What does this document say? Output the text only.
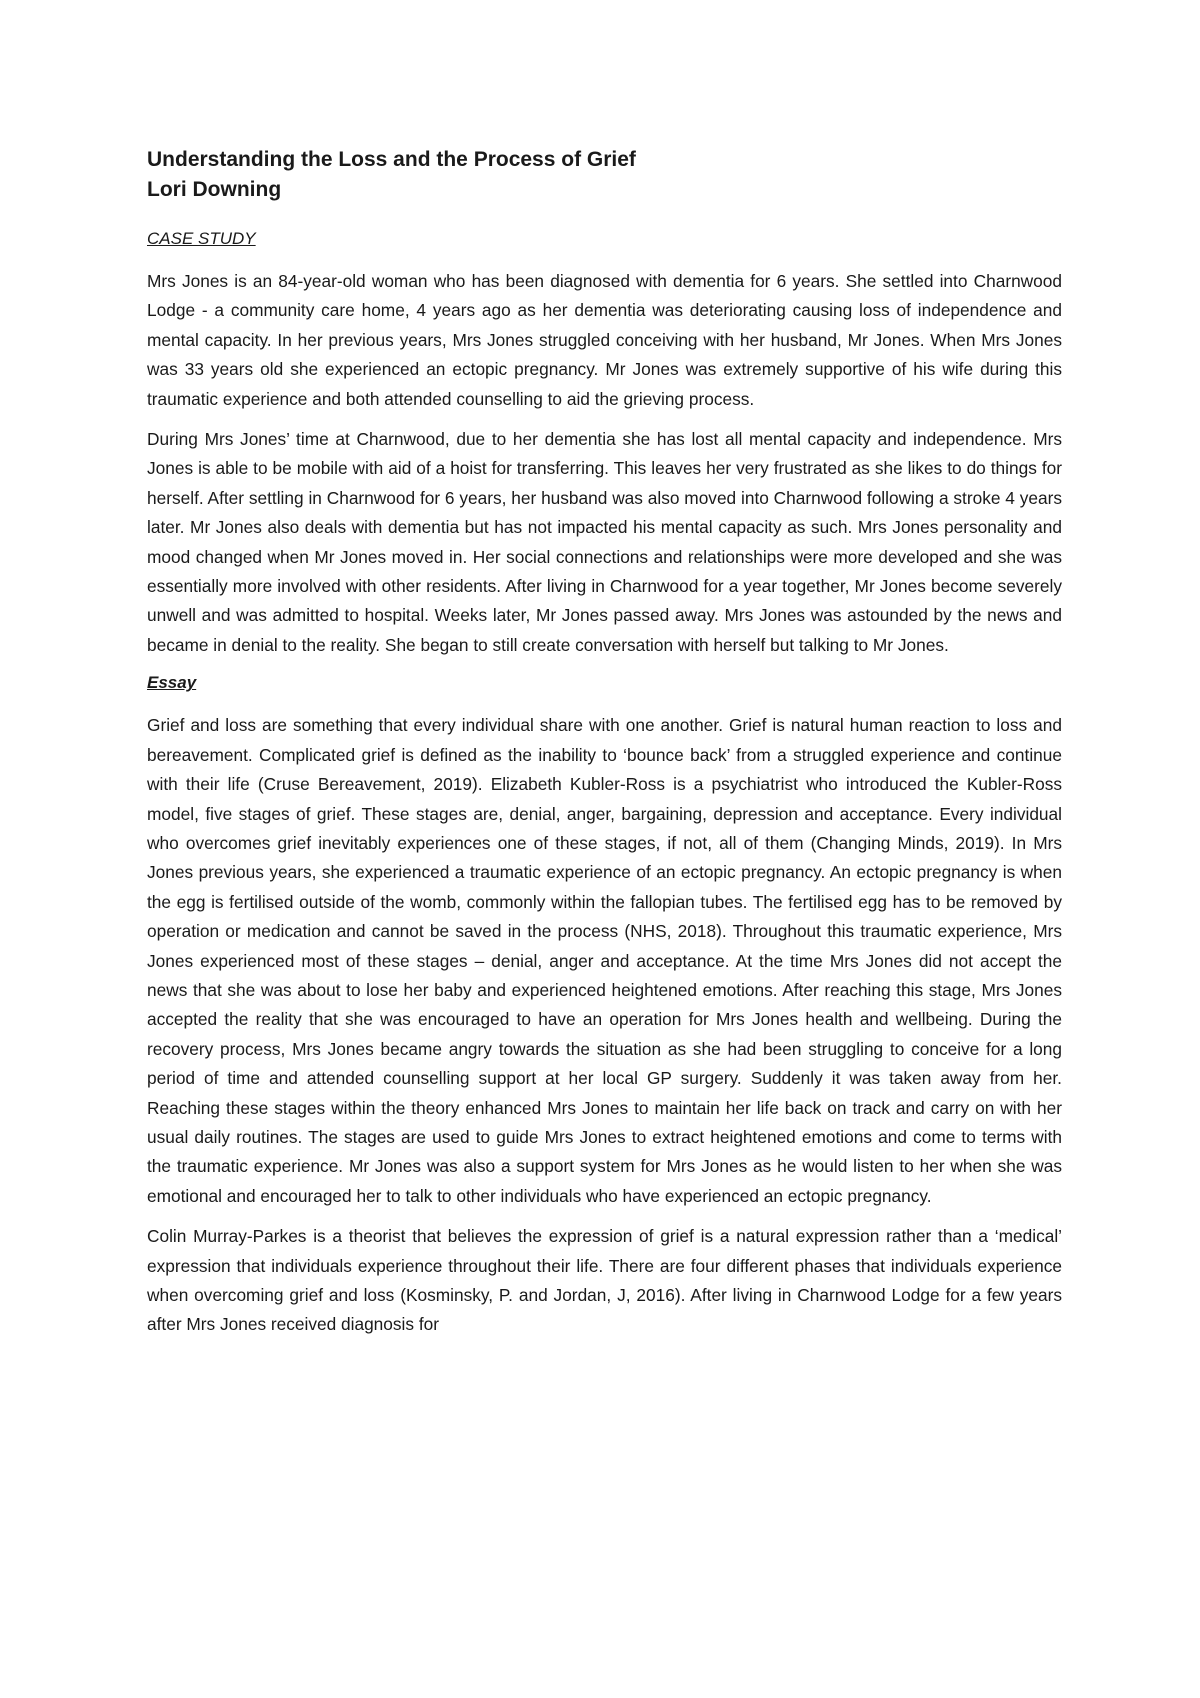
Understanding the Loss and the Process of Grief
Lori Downing
CASE STUDY

Mrs Jones is an 84-year-old woman who has been diagnosed with dementia for 6 years. She settled into Charnwood Lodge - a community care home, 4 years ago as her dementia was deteriorating causing loss of independence and mental capacity. In her previous years, Mrs Jones struggled conceiving with her husband, Mr Jones. When Mrs Jones was 33 years old she experienced an ectopic pregnancy. Mr Jones was extremely supportive of his wife during this traumatic experience and both attended counselling to aid the grieving process.

During Mrs Jones’ time at Charnwood, due to her dementia she has lost all mental capacity and independence. Mrs Jones is able to be mobile with aid of a hoist for transferring. This leaves her very frustrated as she likes to do things for herself. After settling in Charnwood for 6 years, her husband was also moved into Charnwood following a stroke 4 years later. Mr Jones also deals with dementia but has not impacted his mental capacity as such. Mrs Jones personality and mood changed when Mr Jones moved in. Her social connections and relationships were more developed and she was essentially more involved with other residents. After living in Charnwood for a year together, Mr Jones become severely unwell and was admitted to hospital. Weeks later, Mr Jones passed away. Mrs Jones was astounded by the news and became in denial to the reality. She began to still create conversation with herself but talking to Mr Jones.

Essay

Grief and loss are something that every individual share with one another. Grief is natural human reaction to loss and bereavement. Complicated grief is defined as the inability to ‘bounce back’ from a struggled experience and continue with their life (Cruse Bereavement, 2019). Elizabeth Kubler-Ross is a psychiatrist who introduced the Kubler-Ross model, five stages of grief. These stages are, denial, anger, bargaining, depression and acceptance. Every individual who overcomes grief inevitably experiences one of these stages, if not, all of them (Changing Minds, 2019). In Mrs Jones previous years, she experienced a traumatic experience of an ectopic pregnancy. An ectopic pregnancy is when the egg is fertilised outside of the womb, commonly within the fallopian tubes. The fertilised egg has to be removed by operation or medication and cannot be saved in the process (NHS, 2018). Throughout this traumatic experience, Mrs Jones experienced most of these stages – denial, anger and acceptance. At the time Mrs Jones did not accept the news that she was about to lose her baby and experienced heightened emotions. After reaching this stage, Mrs Jones accepted the reality that she was encouraged to have an operation for Mrs Jones health and wellbeing. During the recovery process, Mrs Jones became angry towards the situation as she had been struggling to conceive for a long period of time and attended counselling support at her local GP surgery. Suddenly it was taken away from her. Reaching these stages within the theory enhanced Mrs Jones to maintain her life back on track and carry on with her usual daily routines. The stages are used to guide Mrs Jones to extract heightened emotions and come to terms with the traumatic experience. Mr Jones was also a support system for Mrs Jones as he would listen to her when she was emotional and encouraged her to talk to other individuals who have experienced an ectopic pregnancy.

Colin Murray-Parkes is a theorist that believes the expression of grief is a natural expression rather than a ‘medical’ expression that individuals experience throughout their life. There are four different phases that individuals experience when overcoming grief and loss (Kosminsky, P. and Jordan, J, 2016). After living in Charnwood Lodge for a few years after Mrs Jones received diagnosis for
